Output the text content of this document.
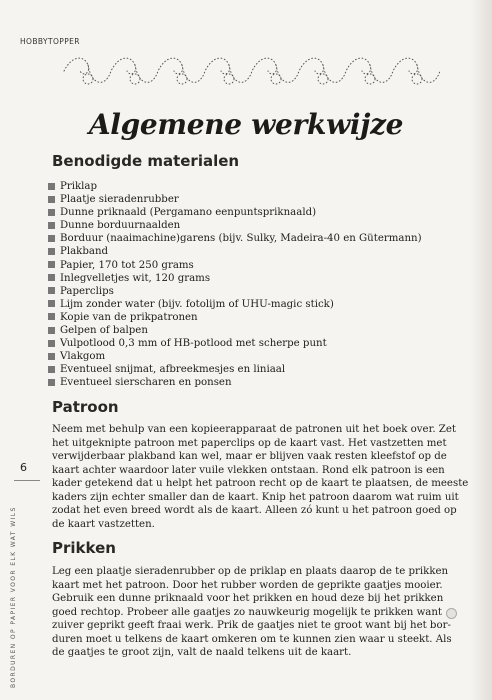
HOBBYTOPPER
Algemene werkwijze
Benodigde materialen
Priklap
Plaatje sieradenrubber
Dunne priknaald (Pergamano eenpuntspriknaald)
Dunne borduurnaalden
Borduur (naaimachine)garens (bijv. Sulky, Madeira-40 en Gütermann)
Plakband
Papier, 170 tot 250 grams
Inlegvelletjes wit, 120 grams
Paperclips
Lijm zonder water (bijv. fotolijm of UHU-magic stick)
Kopie van de prikpatronen
Gelpen of balpen
Vulpotlood 0,3 mm of HB-potlood met scherpe punt
Vlakgom
Eventueel snijmat, afbreekmesjes en liniaal
Eventueel sierscharen en ponsen
Patroon
Neem met behulp van een kopieerapparaat de patronen uit het boek over. Zet
het uitgeknipte patroon met paperclips op de kaart vast. Het vastzetten met
verwijderbaar plakband kan wel, maar er blijven vaak resten kleefstof op de
kaart achter waardoor later vuile vlekken ontstaan. Rond elk patroon is een
kader getekend dat u helpt het patroon recht op de kaart te plaatsen, de meeste
kaders zijn echter smaller dan de kaart. Knip het patroon daarom wat ruim uit
zodat het even breed wordt als de kaart. Alleen zó kunt u het patroon goed op
de kaart vastzetten.
Prikken
Leg een plaatje sieradenrubber op de priklap en plaats daarop de te prikken
kaart met het patroon. Door het rubber worden de geprikte gaatjes mooier.
Gebruik een dunne priknaald voor het prikken en houd deze bij het prikken
goed rechtop. Probeer alle gaatjes zo nauwkeurig mogelijk te prikken want
zuiver geprikt geeft fraai werk. Prik de gaatjes niet te groot want bij het bor-
duren moet u telkens de kaart omkeren om te kunnen zien waar u steekt. Als
de gaatjes te groot zijn, valt de naald telkens uit de kaart.
6
BORDUREN OP PAPIER VOOR ELK WAT WILS
